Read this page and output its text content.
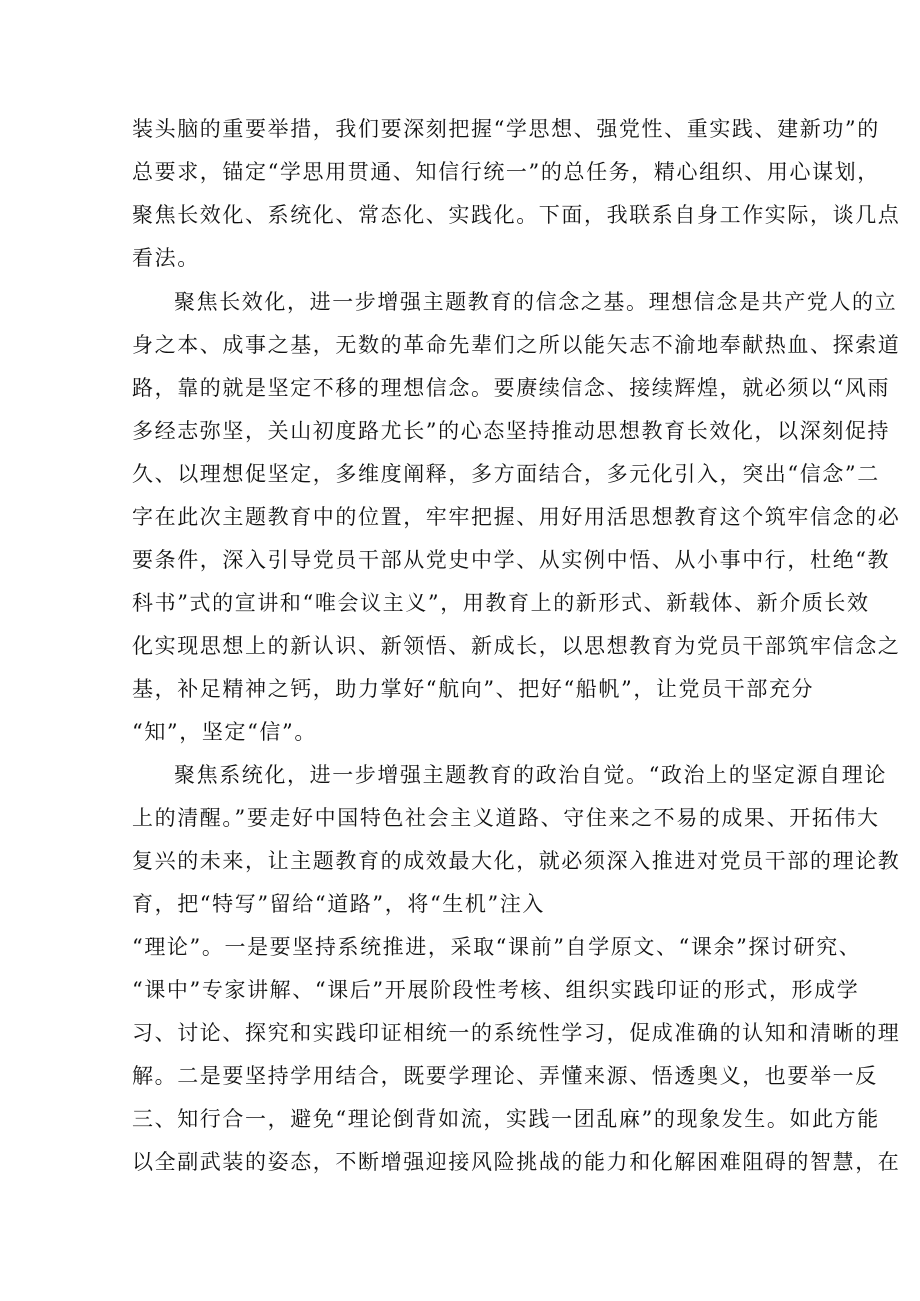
装头脑的重要举措，我们要深刻把握“学思想、强党性、重实践、建新功”的

总要求，锚定“学思用贯通、知信行统一”的总任务，精心组织、用心谋划，

聚焦长效化、系统化、常态化、实践化。下面，我联系自身工作实际，谈几点

看法。

聚焦长效化，进一步增强主题教育的信念之基。理想信念是共产党人的立

身之本、成事之基，无数的革命先辈们之所以能矢志不渝地奉献热血、探索道

路，靠的就是坚定不移的理想信念。要赓续信念、接续辉煌，就必须以“风雨

多经志弥坚，关山初度路尤长”的心态坚持推动思想教育长效化，以深刻促持

久、以理想促坚定，多维度阐释，多方面结合，多元化引入，突出“信念”二

字在此次主题教育中的位置，牢牢把握、用好用活思想教育这个筑牢信念的必

要条件，深入引导党员干部从党史中学、从实例中悟、从小事中行，杜绝“教

科书”式的宣讲和“唯会议主义”，用教育上的新形式、新载体、新介质长效

化实现思想上的新认识、新领悟、新成长，以思想教育为党员干部筑牢信念之

基，补足精神之钙，助力掌好“航向”、把好“船帆”，让党员干部充分

“知”，坚定“信”。

聚焦系统化，进一步增强主题教育的政治自觉。“政治上的坚定源自理论

上的清醒。”要走好中国特色社会主义道路、守住来之不易的成果、开拓伟大

复兴的未来，让主题教育的成效最大化，就必须深入推进对党员干部的理论教

育，把“特写”留给“道路”，将“生机”注入

“理论”。一是要坚持系统推进，采取“课前”自学原文、“课余”探讨研究、

“课中”专家讲解、“课后”开展阶段性考核、组织实践印证的形式，形成学

习、讨论、探究和实践印证相统一的系统性学习，促成准确的认知和清晰的理

解。二是要坚持学用结合，既要学理论、弄懂来源、悟透奥义，也要举一反

三、知行合一，避免“理论倒背如流，实践一团乱麻”的现象发生。如此方能

以全副武装的姿态，不断增强迎接风险挑战的能力和化解困难阻碍的智慧，在
